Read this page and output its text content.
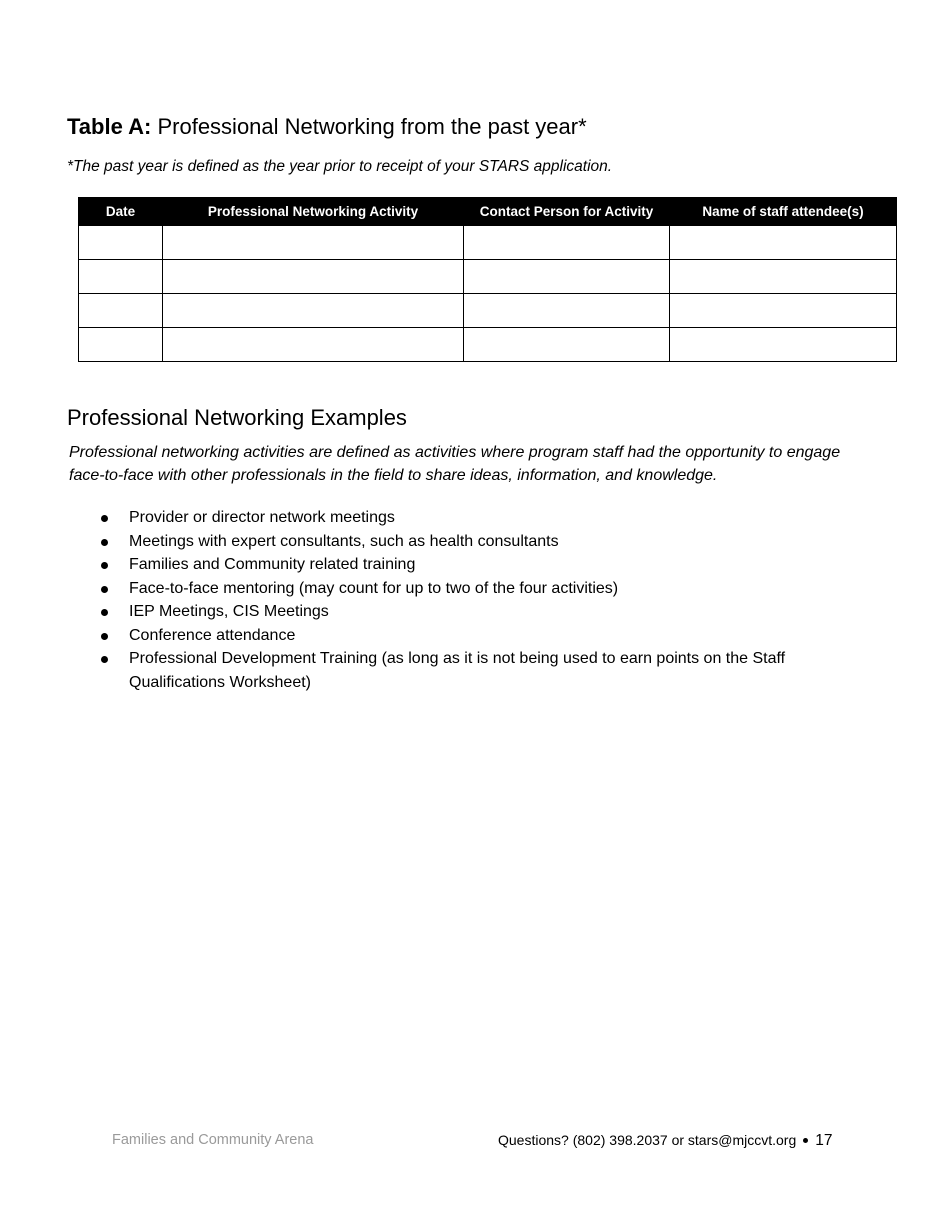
Table A: Professional Networking from the past year*
*The past year is defined as the year prior to receipt of your STARS application.
Date	Professional Networking Activity	Contact Person for Activity	Name of staff attendee(s)

Professional Networking Examples
Professional networking activities are defined as activities where program staff had the opportunity to engage face-to-face with other professionals in the field to share ideas, information, and knowledge.
Provider or director network meetings
Meetings with expert consultants, such as health consultants
Families and Community related training
Face-to-face mentoring (may count for up to two of the four activities)
IEP Meetings, CIS Meetings
Conference attendance
Professional Development Training (as long as it is not being used to earn points on the Staff Qualifications Worksheet)
Families and Community Arena	Questions? (802) 398.2037 or stars@mjccvt.org 17
